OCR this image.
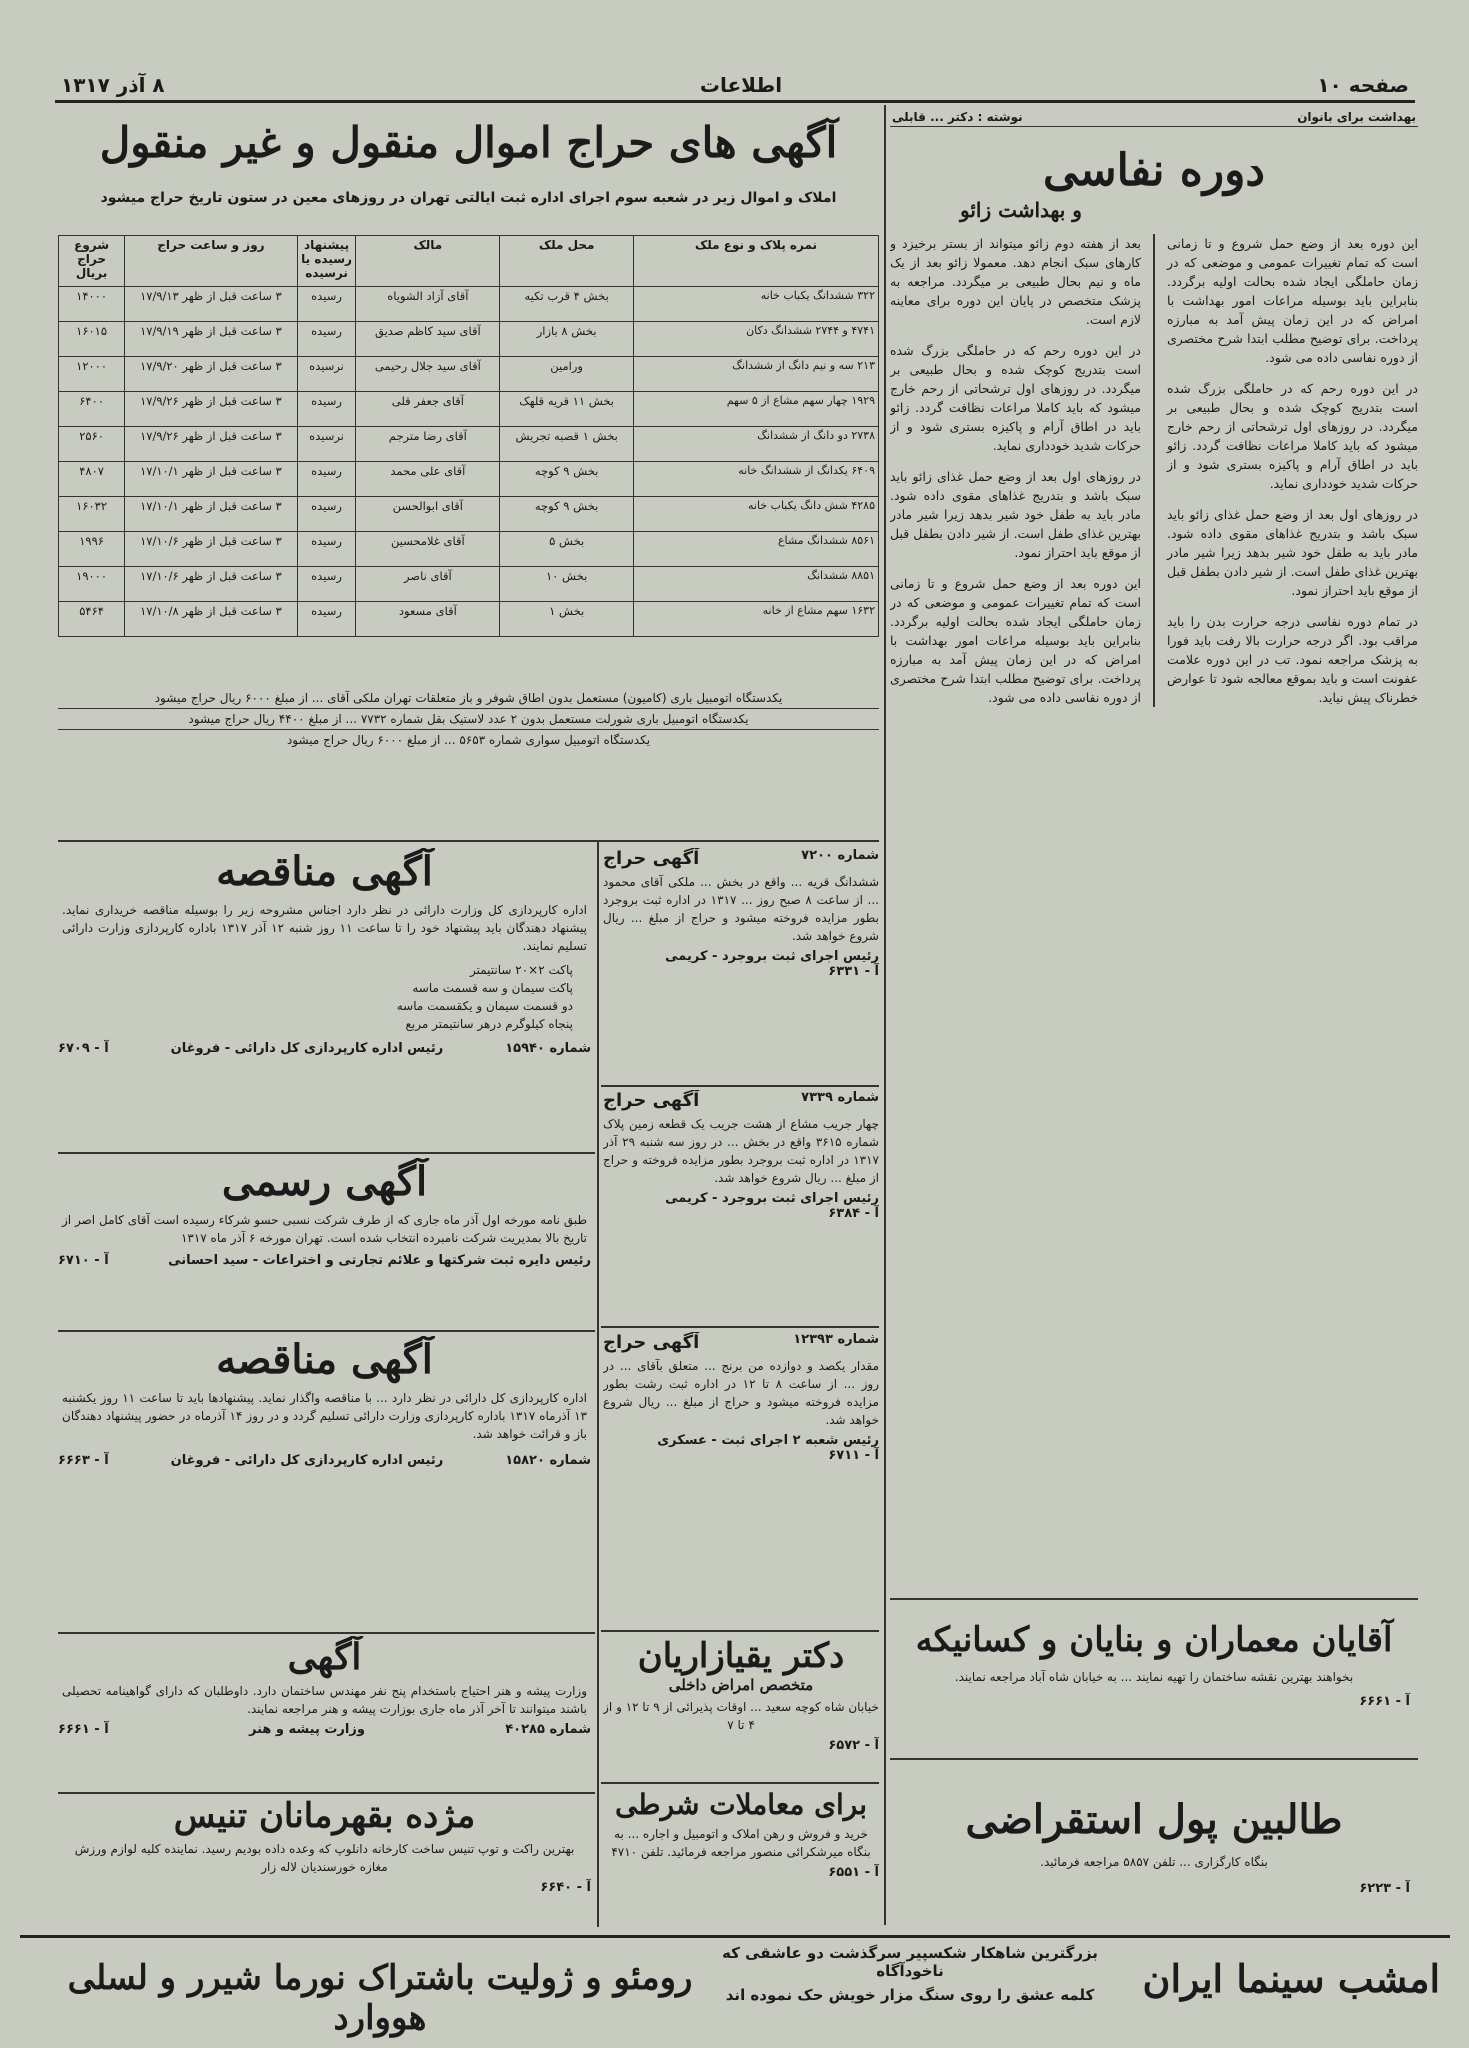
صفحه ۱۰
اطلاعات
۸ آذر ۱۳۱۷
بهداشت برای بانوان
نوشته : دکتر ... قابلی
دوره نفاسی
و بهداشت زائو

این دوره بعد از وضع حمل شروع و تا زمانی است که تمام تغییرات عمومی و موضعی که در زمان حاملگی ایجاد شده بحالت اولیه برگردد. بنابراین باید بوسیله مراعات امور بهداشت با امراض که در این زمان پیش آمد به مبارزه پرداخت. برای توضیح مطلب ابتدا شرح مختصری از دوره نفاسی داده می شود.

در این دوره رحم که در حاملگی بزرگ شده است بتدریج کوچک شده و بحال طبیعی بر میگردد. در روزهای اول ترشحاتی از رحم خارج میشود که باید کاملا مراعات نظافت گردد. زائو باید در اطاق آرام و پاکیزه بستری شود و از حرکات شدید خودداری نماید.

در روزهای اول بعد از وضع حمل غذای زائو باید سبک باشد و بتدریج غذاهای مقوی داده شود. مادر باید به طفل خود شیر بدهد زیرا شیر مادر بهترین غذای طفل است. از شیر دادن بطفل قبل از موقع باید احتراز نمود.

در تمام دوره نفاسی درجه حرارت بدن را باید مراقب بود. اگر درجه حرارت بالا رفت باید فورا به پزشک مراجعه نمود. تب در این دوره علامت عفونت است و باید بموقع معالجه شود تا عوارض خطرناک پیش نیاید.

بعد از هفته دوم زائو میتواند از بستر برخیزد و کارهای سبک انجام دهد. معمولا زائو بعد از یک ماه و نیم بحال طبیعی بر میگردد. مراجعه به پزشک متخصص در پایان این دوره برای معاینه لازم است.

در این دوره رحم که در حاملگی بزرگ شده است بتدریج کوچک شده و بحال طبیعی بر میگردد. در روزهای اول ترشحاتی از رحم خارج میشود که باید کاملا مراعات نظافت گردد. زائو باید در اطاق آرام و پاکیزه بستری شود و از حرکات شدید خودداری نماید.

در روزهای اول بعد از وضع حمل غذای زائو باید سبک باشد و بتدریج غذاهای مقوی داده شود. مادر باید به طفل خود شیر بدهد زیرا شیر مادر بهترین غذای طفل است. از شیر دادن بطفل قبل از موقع باید احتراز نمود.

این دوره بعد از وضع حمل شروع و تا زمانی است که تمام تغییرات عمومی و موضعی که در زمان حاملگی ایجاد شده بحالت اولیه برگردد. بنابراین باید بوسیله مراعات امور بهداشت با امراض که در این زمان پیش آمد به مبارزه پرداخت. برای توضیح مطلب ابتدا شرح مختصری از دوره نفاسی داده می شود.

آقایان معماران و بنایان و کسانیکه

بخواهند بهترین نقشه ساختمان را تهیه نمایند ... به خیابان شاه آباد مراجعه نمایند.

آ - ۶۶۶۱
طالبین پول استقراضی

بنگاه کارگزاری ... تلفن ۵۸۵۷ مراجعه فرمائید.

آ - ۶۲۲۳
آگهی های حراج اموال منقول و غیر منقول
املاک و اموال زیر در شعبه سوم اجرای اداره ثبت ایالتی تهران در روزهای معین در ستون تاریخ حراج میشود
نمره پلاک و نوع ملک	محل ملک	مالک	پیشنهاد رسیده یا نرسیده	روز و ساعت حراج	شروع حراج بریال
۳۲۲ ششدانگ یکباب خانه	بخش ۴ قرب تکیه	آقای آزاد الشویاه	رسیده	۳ ساعت قبل از ظهر ۱۷/۹/۱۳	۱۴۰۰۰
۴۷۴۱ و ۲۷۴۴ ششدانگ دکان	بخش ۸ بازار	آقای سید کاظم صدیق	رسیده	۳ ساعت قبل از ظهر ۱۷/۹/۱۹	۱۶۰۱۵
۲۱۳ سه و نیم دانگ از ششدانگ	ورامین	آقای سید جلال رحیمی	نرسیده	۳ ساعت قبل از ظهر ۱۷/۹/۲۰	۱۲۰۰۰
۱۹۲۹ چهار سهم مشاع از ۵ سهم	بخش ۱۱ قریه قلهک	آقای جعفر قلی	رسیده	۳ ساعت قبل از ظهر ۱۷/۹/۲۶	۶۴۰۰
۲۷۳۸ دو دانگ از ششدانگ	بخش ۱ قصبه تجریش	آقای رضا مترجم	نرسیده	۳ ساعت قبل از ظهر ۱۷/۹/۲۶	۲۵۶۰
۶۴۰۹ یکدانگ از ششدانگ خانه	بخش ۹ کوچه	آقای علی محمد	رسیده	۳ ساعت قبل از ظهر ۱۷/۱۰/۱	۴۸۰۷
۴۲۸۵ شش دانگ یکباب خانه	بخش ۹ کوچه	آقای ابوالحسن	رسیده	۳ ساعت قبل از ظهر ۱۷/۱۰/۱	۱۶۰۳۲
۸۵۶۱ ششدانگ مشاع	بخش ۵	آقای غلامحسین	رسیده	۳ ساعت قبل از ظهر ۱۷/۱۰/۶	۱۹۹۶
۸۸۵۱ ششدانگ	بخش ۱۰	آقای ناصر	رسیده	۳ ساعت قبل از ظهر ۱۷/۱۰/۶	۱۹۰۰۰
۱۶۳۲ سهم مشاع از خانه	بخش ۱	آقای مسعود	رسیده	۳ ساعت قبل از ظهر ۱۷/۱۰/۸	۵۴۶۴
یکدستگاه اتومبیل باری (کامیون) مستعمل بدون اطاق شوفر و باز متعلقات تهران ملکی آقای ... از مبلغ ۶۰۰۰ ریال حراج میشود
یکدستگاه اتومبیل باری شورلت مستعمل بدون ۲ عدد لاستیک بقل شماره ۷۷۳۲ ... از مبلغ ۴۴۰۰ ریال حراج میشود
یکدستگاه اتومبیل سواری شماره ۵۶۵۳ ... از مبلغ ۶۰۰۰ ریال حراج میشود
آگهی مناقصه

اداره کارپردازی کل وزارت دارائی در نظر دارد اجناس مشروحه زیر را بوسیله مناقصه خریداری نماید. پیشنهاد دهندگان باید پیشنهاد خود را تا ساعت ۱۱ روز شنبه ۱۲ آذر ۱۳۱۷ باداره کارپردازی وزارت دارائی تسلیم نمایند.

پاکت ۲×۲۰ سانتیمتر
پاکت سیمان و سه قسمت ماسه
دو قسمت سیمان و یکقسمت ماسه
پنجاه کیلوگرم درهر سانتیمتر مربع
شماره ۱۵۹۴۰
رئیس اداره کارپردازی کل دارائی - فروغان
آ - ۶۷۰۹
آگهی رسمی

طبق نامه مورخه اول آذر ماه جاری که از طرف شرکت نسبی حسو شرکاء رسیده است آقای کامل اصر از تاریخ بالا بمدیریت شرکت نامبرده انتخاب شده است. تهران مورخه ۶ آذر ماه ۱۳۱۷

رئیس دایره ثبت شرکتها و علائم تجارتی و اختراعات - سید احسانی
آ - ۶۷۱۰
آگهی مناقصه

اداره کارپردازی کل دارائی در نظر دارد ... با مناقصه واگذار نماید. پیشنهادها باید تا ساعت ۱۱ روز یکشنبه ۱۳ آذرماه ۱۳۱۷ باداره کارپردازی وزارت دارائی تسلیم گردد و در روز ۱۴ آذرماه در حضور پیشنهاد دهندگان باز و قرائت خواهد شد.

شماره ۱۵۸۲۰
رئیس اداره کارپردازی کل دارائی - فروغان
آ - ۶۶۶۳
آگهی

وزارت پیشه و هنر احتیاج باستخدام پنج نفر مهندس ساختمان دارد. داوطلبان که دارای گواهینامه تحصیلی باشند میتوانند تا آخر آذر ماه جاری بوزارت پیشه و هنر مراجعه نمایند.

شماره ۴۰۲۸۵
وزارت پیشه و هنر
آ - ۶۶۶۱
مژده بقهرمانان تنیس

بهترین راکت و توپ تنیس ساخت کارخانه دانلوپ که وعده داده بودیم رسید. نماینده کلیه لوازم ورزش مغازه خورسندیان لاله زار

آ - ۶۶۴۰
شماره ۷۲۰۰
آگهی حراج

ششدانگ قریه ... واقع در بخش ... ملکی آقای محمود ... از ساعت ۸ صبح روز ... ۱۳۱۷ در اداره ثبت بروجرد بطور مزایده فروخته میشود و حراج از مبلغ ... ریال شروع خواهد شد.

رئیس اجرای ثبت بروجرد - کریمی
آ - ۶۳۳۱
شماره ۷۳۳۹
آگهی حراج

چهار جریب مشاع از هشت جریب یک قطعه زمین پلاک شماره ۳۶۱۵ واقع در بخش ... در روز سه شنبه ۲۹ آذر ۱۳۱۷ در اداره ثبت بروجرد بطور مزایده فروخته و حراج از مبلغ ... ریال شروع خواهد شد.

رئیس اجرای ثبت بروجرد - کریمی
آ - ۶۳۸۴
شماره ۱۲۳۹۳
آگهی حراج

مقدار یکصد و دوازده من برنج ... متعلق بآقای ... در روز ... از ساعت ۸ تا ۱۲ در اداره ثبت رشت بطور مزایده فروخته میشود و حراج از مبلغ ... ریال شروع خواهد شد.

رئیس شعبه ۲ اجرای ثبت - عسکری
آ - ۶۷۱۱
دکتر یقیازاریان
متخصص امراض داخلی

خیابان شاه کوچه سعید ... اوقات پذیرائی از ۹ تا ۱۲ و از ۴ تا ۷

آ - ۶۵۷۲
برای معاملات شرطی

خرید و فروش و رهن املاک و اتومبیل و اجاره ... به بنگاه میرشکرائی منصور مراجعه فرمائید. تلفن ۴۷۱۰

آ - ۶۵۵۱
امشب سینما ایران
بزرگترین شاهکار شکسپیر سرگذشت دو عاشقی که ناخودآگاه
کلمه عشق را روی سنگ مزار خویش حک نموده اند
رومئو و ژولیت باشتراک نورما شیرر و لسلی هووارد
